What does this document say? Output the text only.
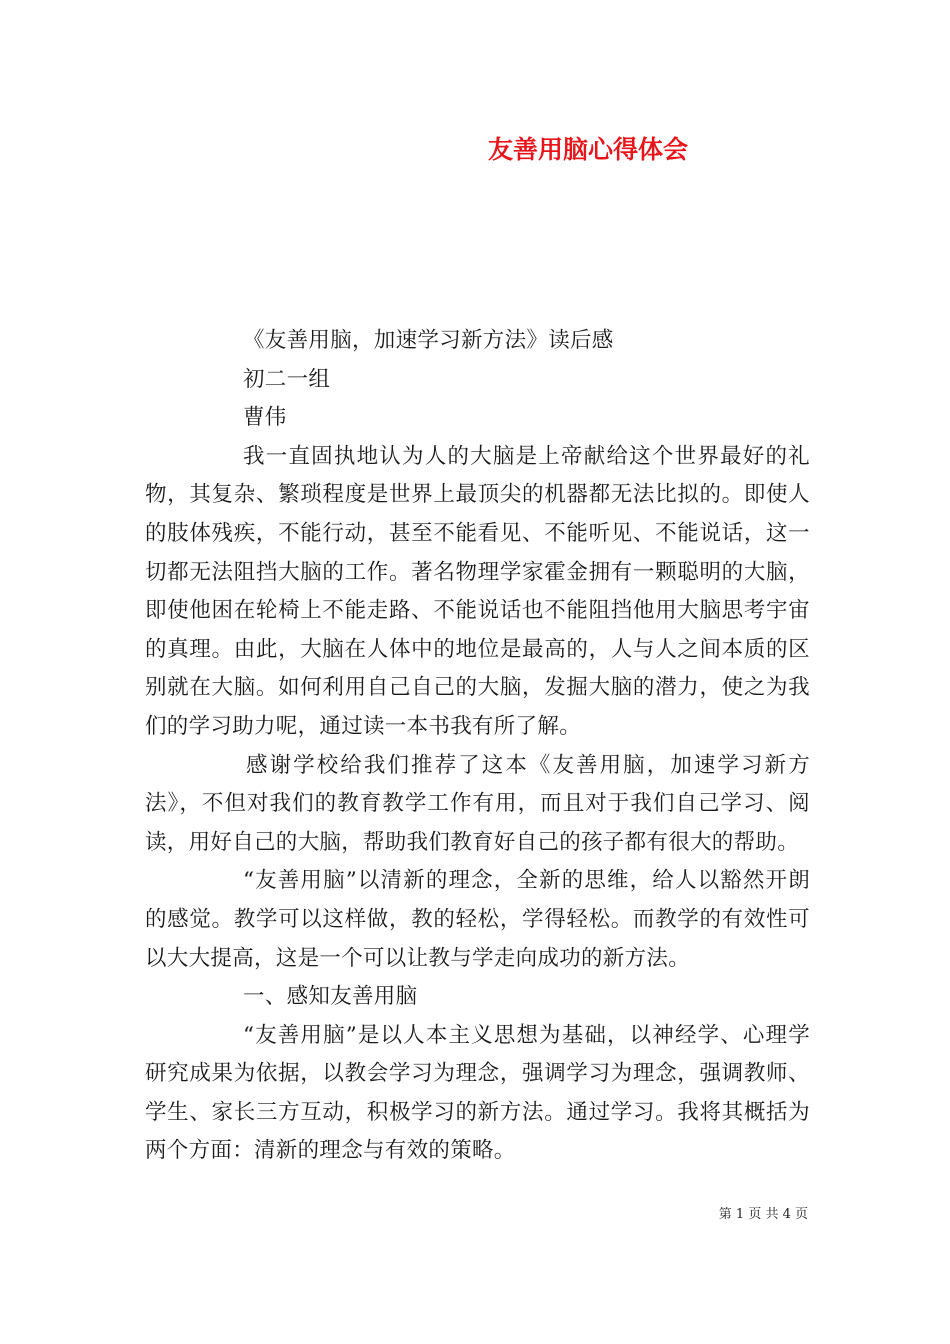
友善用脑心得体会

《友善用脑，加速学习新方法》读后感

初二一组

曹伟

我一直固执地认为人的大脑是上帝献给这个世界最好的礼物，其复杂、繁琐程度是世界上最顶尖的机器都无法比拟的。即使人的肢体残疾，不能行动，甚至不能看见、不能听见、不能说话，这一切都无法阻挡大脑的工作。著名物理学家霍金拥有一颗聪明的大脑，即使他困在轮椅上不能走路、不能说话也不能阻挡他用大脑思考宇宙的真理。由此，大脑在人体中的地位是最高的，人与人之间本质的区别就在大脑。如何利用自己自己的大脑，发掘大脑的潜力，使之为我们的学习助力呢，通过读一本书我有所了解。

感谢学校给我们推荐了这本《友善用脑，加速学习新方法》，不但对我们的教育教学工作有用，而且对于我们自己学习、阅读，用好自己的大脑，帮助我们教育好自己的孩子都有很大的帮助。

“友善用脑”以清新的理念，全新的思维，给人以豁然开朗的感觉。教学可以这样做，教的轻松，学得轻松。而教学的有效性可以大大提高，这是一个可以让教与学走向成功的新方法。

一、感知友善用脑

“友善用脑”是以人本主义思想为基础，以神经学、心理学研究成果为依据，以教会学习为理念，强调学习为理念，强调教师、学生、家长三方互动，积极学习的新方法。通过学习。我将其概括为两个方面：清新的理念与有效的策略。

第 1 页 共 4 页
